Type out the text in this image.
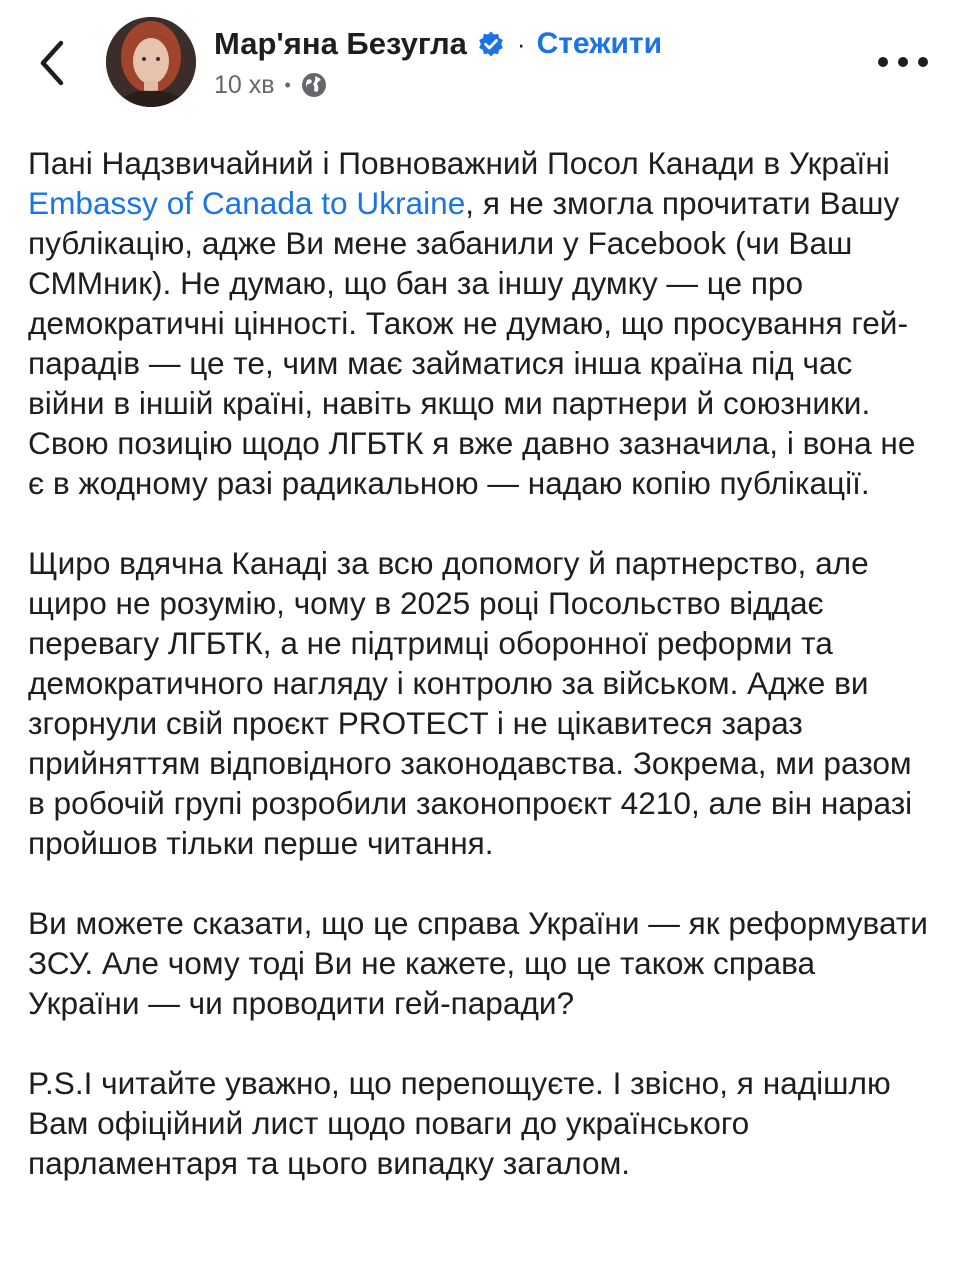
Мар'яна Безугла · Стежити
10 хв •

Пані Надзвичайний і Повноважний Посол Канади в Україні Embassy of Canada to Ukraine, я не змогла прочитати Вашу публікацію, адже Ви мене забанили у Facebook (чи Ваш СММник). Не думаю, що бан за іншу думку — це про демократичні цінності. Також не думаю, що просування гей-парадів — це те, чим має займатися інша країна під час війни в іншій країні, навіть якщо ми партнери й союзники. Свою позицію щодо ЛГБТК я вже давно зазначила, і вона не є в жодному разі радикальною — надаю копію публікації.

Щиро вдячна Канаді за всю допомогу й партнерство, але щиро не розумію, чому в 2025 році Посольство віддає перевагу ЛГБТК, а не підтримці оборонної реформи та демократичного нагляду і контролю за військом. Адже ви згорнули свій проєкт PROTECT і не цікавитеся зараз прийняттям відповідного законодавства. Зокрема, ми разом в робочій групі розробили законопроєкт 4210, але він наразі пройшов тільки перше читання.

Ви можете сказати, що це справа України — як реформувати ЗСУ. Але чому тоді Ви не кажете, що це також справа України — чи проводити гей-паради?

P.S.І читайте уважно, що перепощуєте. І звісно, я надішлю Вам офіційний лист щодо поваги до українського парламентаря та цього випадку загалом.
